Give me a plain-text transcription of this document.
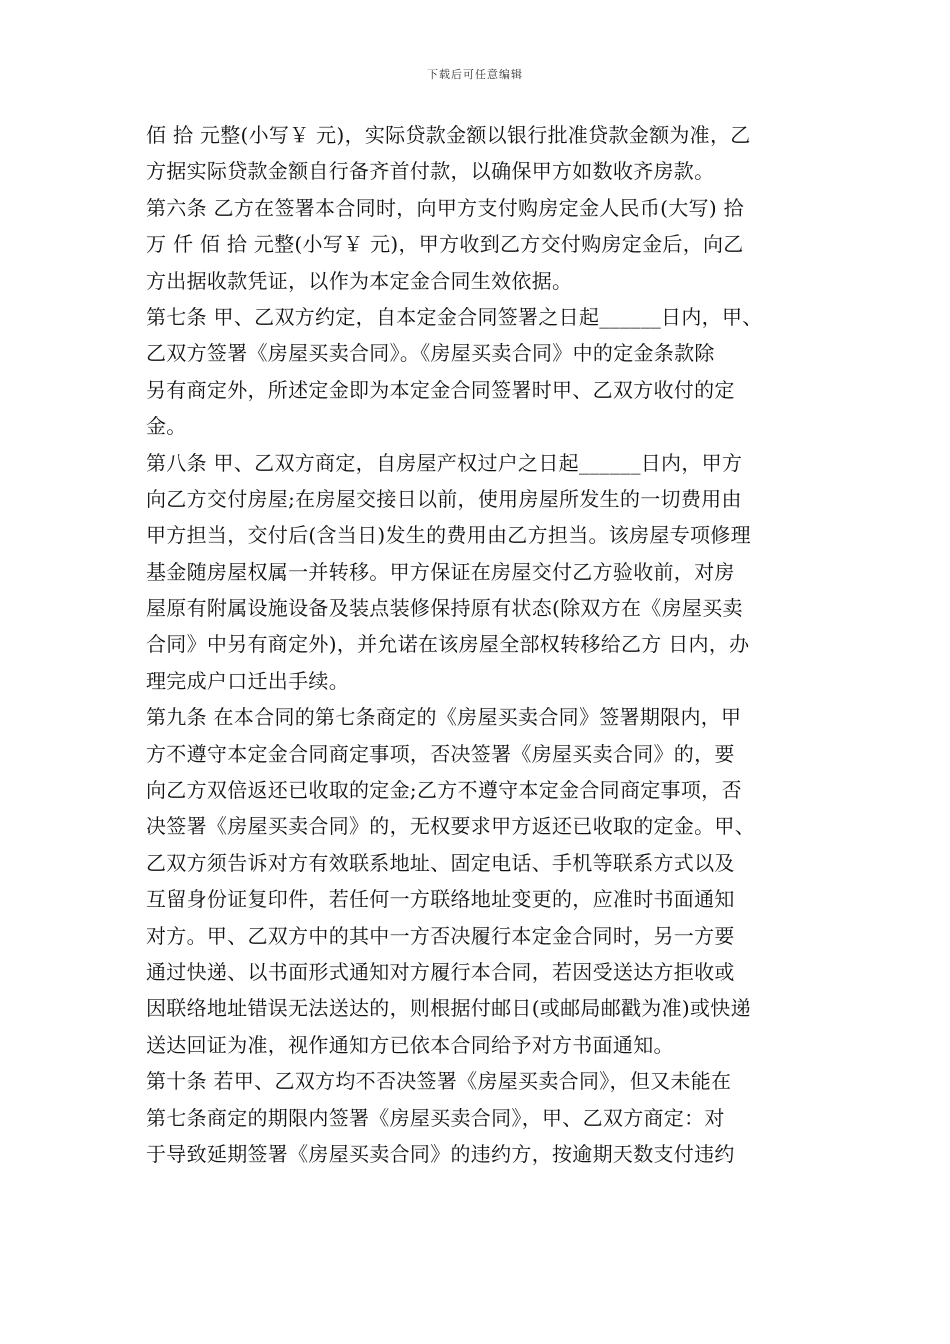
下载后可任意编辑
佰 拾 元整(小写￥ 元)，实际贷款金额以银行批准贷款金额为准，乙
方据实际贷款金额自行备齐首付款，以确保甲方如数收齐房款。
第六条 乙方在签署本合同时，向甲方支付购房定金人民币(大写) 拾
万 仟 佰 拾 元整(小写￥ 元)，甲方收到乙方交付购房定金后，向乙
方出据收款凭证，以作为本定金合同生效依据。
第七条 甲、乙双方约定，自本定金合同签署之日起______日内，甲、
乙双方签署《房屋买卖合同》。《房屋买卖合同》中的定金条款除
另有商定外，所述定金即为本定金合同签署时甲、乙双方收付的定
金。
第八条 甲、乙双方商定，自房屋产权过户之日起______日内，甲方
向乙方交付房屋;在房屋交接日以前，使用房屋所发生的一切费用由
甲方担当，交付后(含当日)发生的费用由乙方担当。该房屋专项修理
基金随房屋权属一并转移。甲方保证在房屋交付乙方验收前，对房
屋原有附属设施设备及装点装修保持原有状态(除双方在《房屋买卖
合同》中另有商定外)，并允诺在该房屋全部权转移给乙方 日内，办
理完成户口迁出手续。
第九条 在本合同的第七条商定的《房屋买卖合同》签署期限内，甲
方不遵守本定金合同商定事项，否决签署《房屋买卖合同》的，要
向乙方双倍返还已收取的定金;乙方不遵守本定金合同商定事项，否
决签署《房屋买卖合同》的，无权要求甲方返还已收取的定金。甲、
乙双方须告诉对方有效联系地址、固定电话、手机等联系方式以及
互留身份证复印件，若任何一方联络地址变更的，应准时书面通知
对方。甲、乙双方中的其中一方否决履行本定金合同时，另一方要
通过快递、以书面形式通知对方履行本合同，若因受送达方拒收或
因联络地址错误无法送达的，则根据付邮日(或邮局邮戳为准)或快递
送达回证为准，视作通知方已依本合同给予对方书面通知。
第十条 若甲、乙双方均不否决签署《房屋买卖合同》，但又未能在
第七条商定的期限内签署《房屋买卖合同》，甲、乙双方商定：对
于导致延期签署《房屋买卖合同》的违约方，按逾期天数支付违约
